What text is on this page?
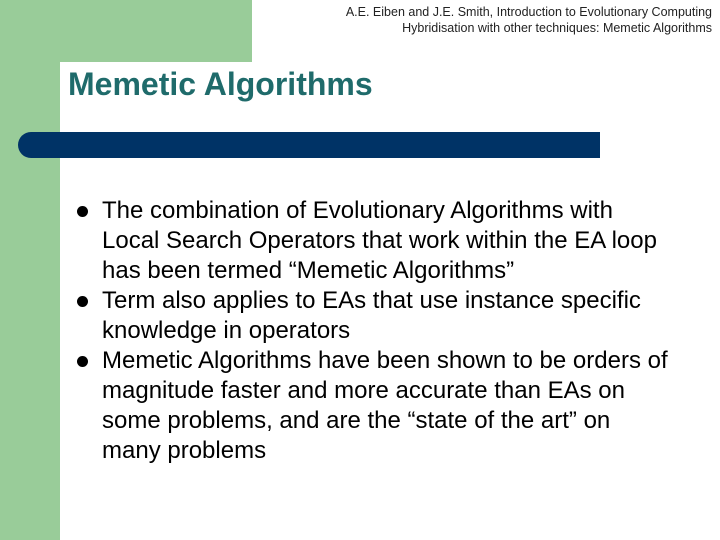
A.E. Eiben and J.E. Smith, Introduction to Evolutionary Computing
Hybridisation with other techniques: Memetic Algorithms
Memetic Algorithms
The combination of Evolutionary Algorithms with Local Search Operators that work within the EA loop has been termed “Memetic Algorithms”
Term also applies to EAs that use instance specific knowledge in operators
Memetic Algorithms have been shown to be orders of magnitude faster and more accurate than EAs on some problems, and are the “state of the art” on many problems
